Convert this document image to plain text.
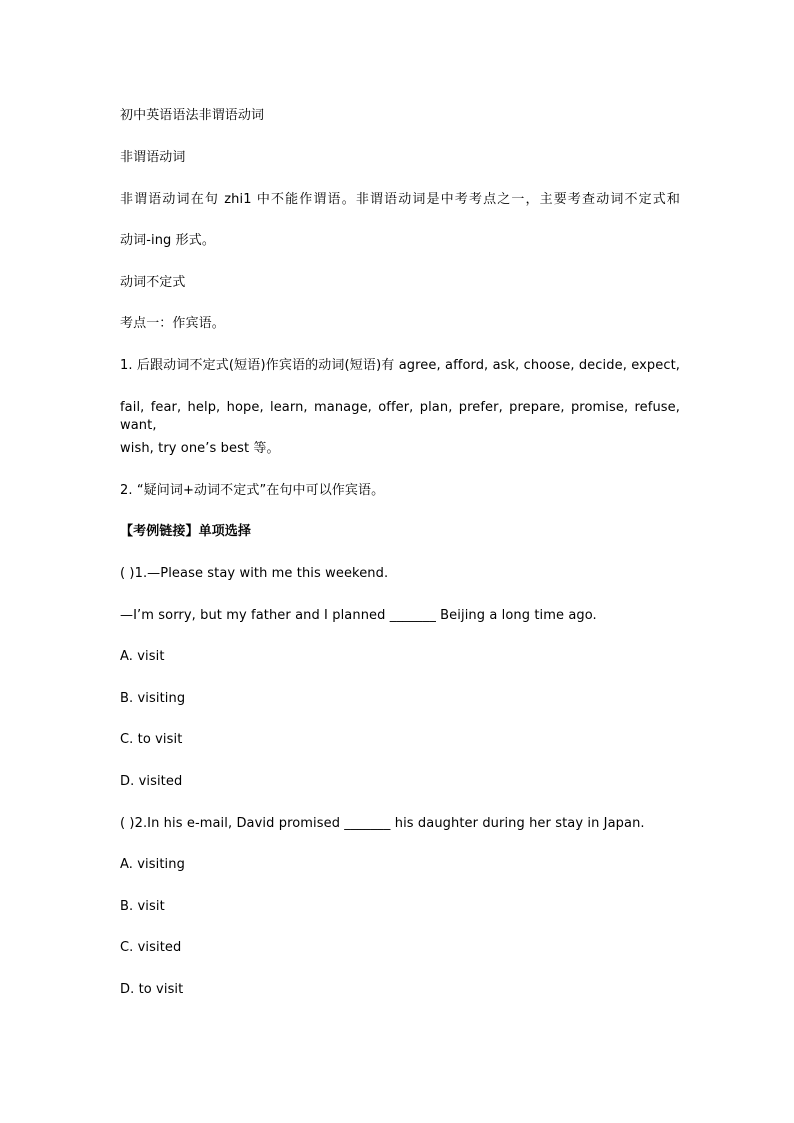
初中英语语法非谓语动词
非谓语动词
非谓语动词在句 zhi1 中不能作谓语。非谓语动词是中考考点之一，主要考查动词不定式和
动词-ing 形式。
动词不定式
考点一：作宾语。
1. 后跟动词不定式(短语)作宾语的动词(短语)有 agree, afford, ask, choose, decide, expect,
fail, fear, help, hope, learn, manage, offer, plan, prefer, prepare, promise, refuse, want,
wish, try one’s best 等。
2. “疑问词+动词不定式”在句中可以作宾语。
【考例链接】单项选择
( )1.—Please stay with me this weekend.
—I’m sorry, but my father and I planned _______ Beijing a long time ago.
A. visit
B. visiting
C. to visit
D. visited
( )2.In his e-mail, David promised _______ his daughter during her stay in Japan.
A. visiting
B. visit
C. visited
D. to visit
